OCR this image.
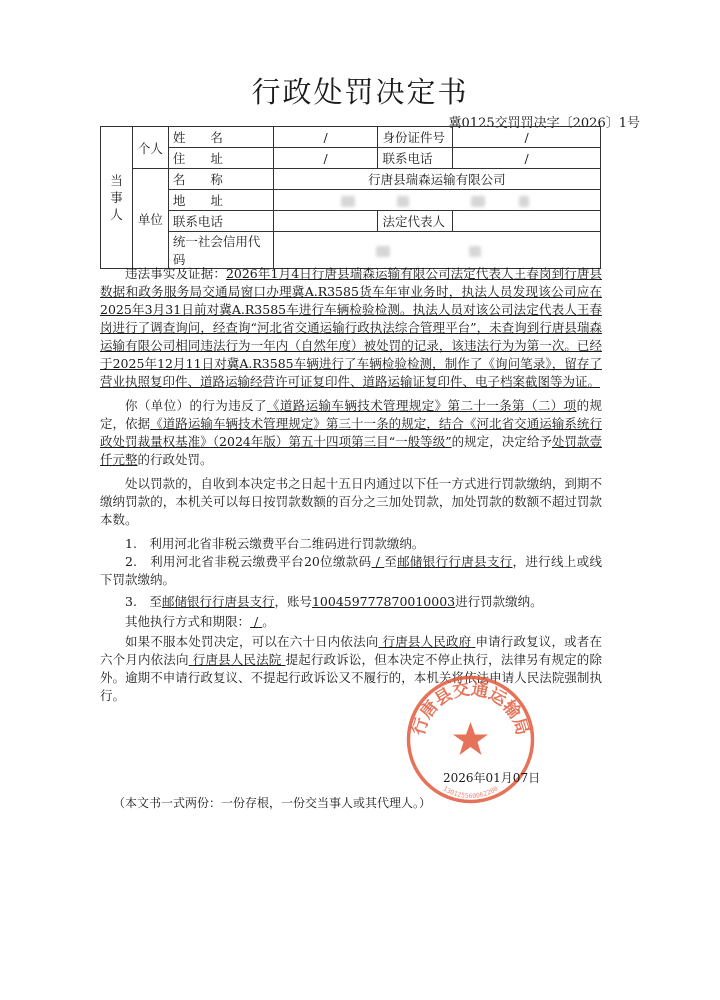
行政处罚决定书
冀0125交罚罚决字〔2026〕1号
当事人	个人	姓　　名	/	身份证件号	/
		住　　址	/	联系电话	/
	单位	名　　称	行唐县瑞森运输有限公司		
		地　　址			
		联系电话		法定代表人	
		统一社会信用代码			
违法事实及证据：2026年1月4日行唐县瑞森运输有限公司法定代表人王春岗到行唐县数据和政务服务局交通局窗口办理冀A.R3585货车年审业务时，执法人员发现该公司应在2025年3月31日前对冀A.R3585车进行车辆检验检测。执法人员对该公司法定代表人王春岗进行了调查询问，经查询“河北省交通运输行政执法综合管理平台”，未查询到行唐县瑞森运输有限公司相同违法行为一年内（自然年度）被处罚的记录，该违法行为为第一次。已经于2025年12月11日对冀A.R3585车辆进行了车辆检验检测，制作了《询问笔录》，留存了营业执照复印件、道路运输经营许可证复印件、道路运输证复印件、电子档案截图等为证。
你（单位）的行为违反了《道路运输车辆技术管理规定》第二十一条第（二）项的规定，依据《道路运输车辆技术管理规定》第三十一条的规定，结合《河北省交通运输系统行政处罚裁量权基准》（2024年版）第五十四项第三目“一般等级”的规定，决定给予处罚款壹仟元整的行政处罚。
处以罚款的，自收到本决定书之日起十五日内通过以下任一方式进行罚款缴纳，到期不缴纳罚款的，本机关可以每日按罚款数额的百分之三加处罚款，加处罚款的数额不超过罚款本数。
1.　利用河北省非税云缴费平台二维码进行罚款缴纳。
2.　利用河北省非税云缴费平台20位缴款码 / 至邮储银行行唐县支行，进行线上或线下罚款缴纳。
3.　至邮储银行行唐县支行，账号100459777870010003进行罚款缴纳。
其他执行方式和期限： / 。
如果不服本处罚决定，可以在六十日内依法向 行唐县人民政府 申请行政复议，或者在六个月内依法向 行唐县人民法院 提起行政诉讼，但本决定不停止执行，法律另有规定的除外。逾期不申请行政复议、不提起行政诉讼又不履行的，本机关将依法申请人民法院强制执行。
行唐县交通运输局
130125560062200
2026年01月07日
（本文书一式两份：一份存根，一份交当事人或其代理人。）
